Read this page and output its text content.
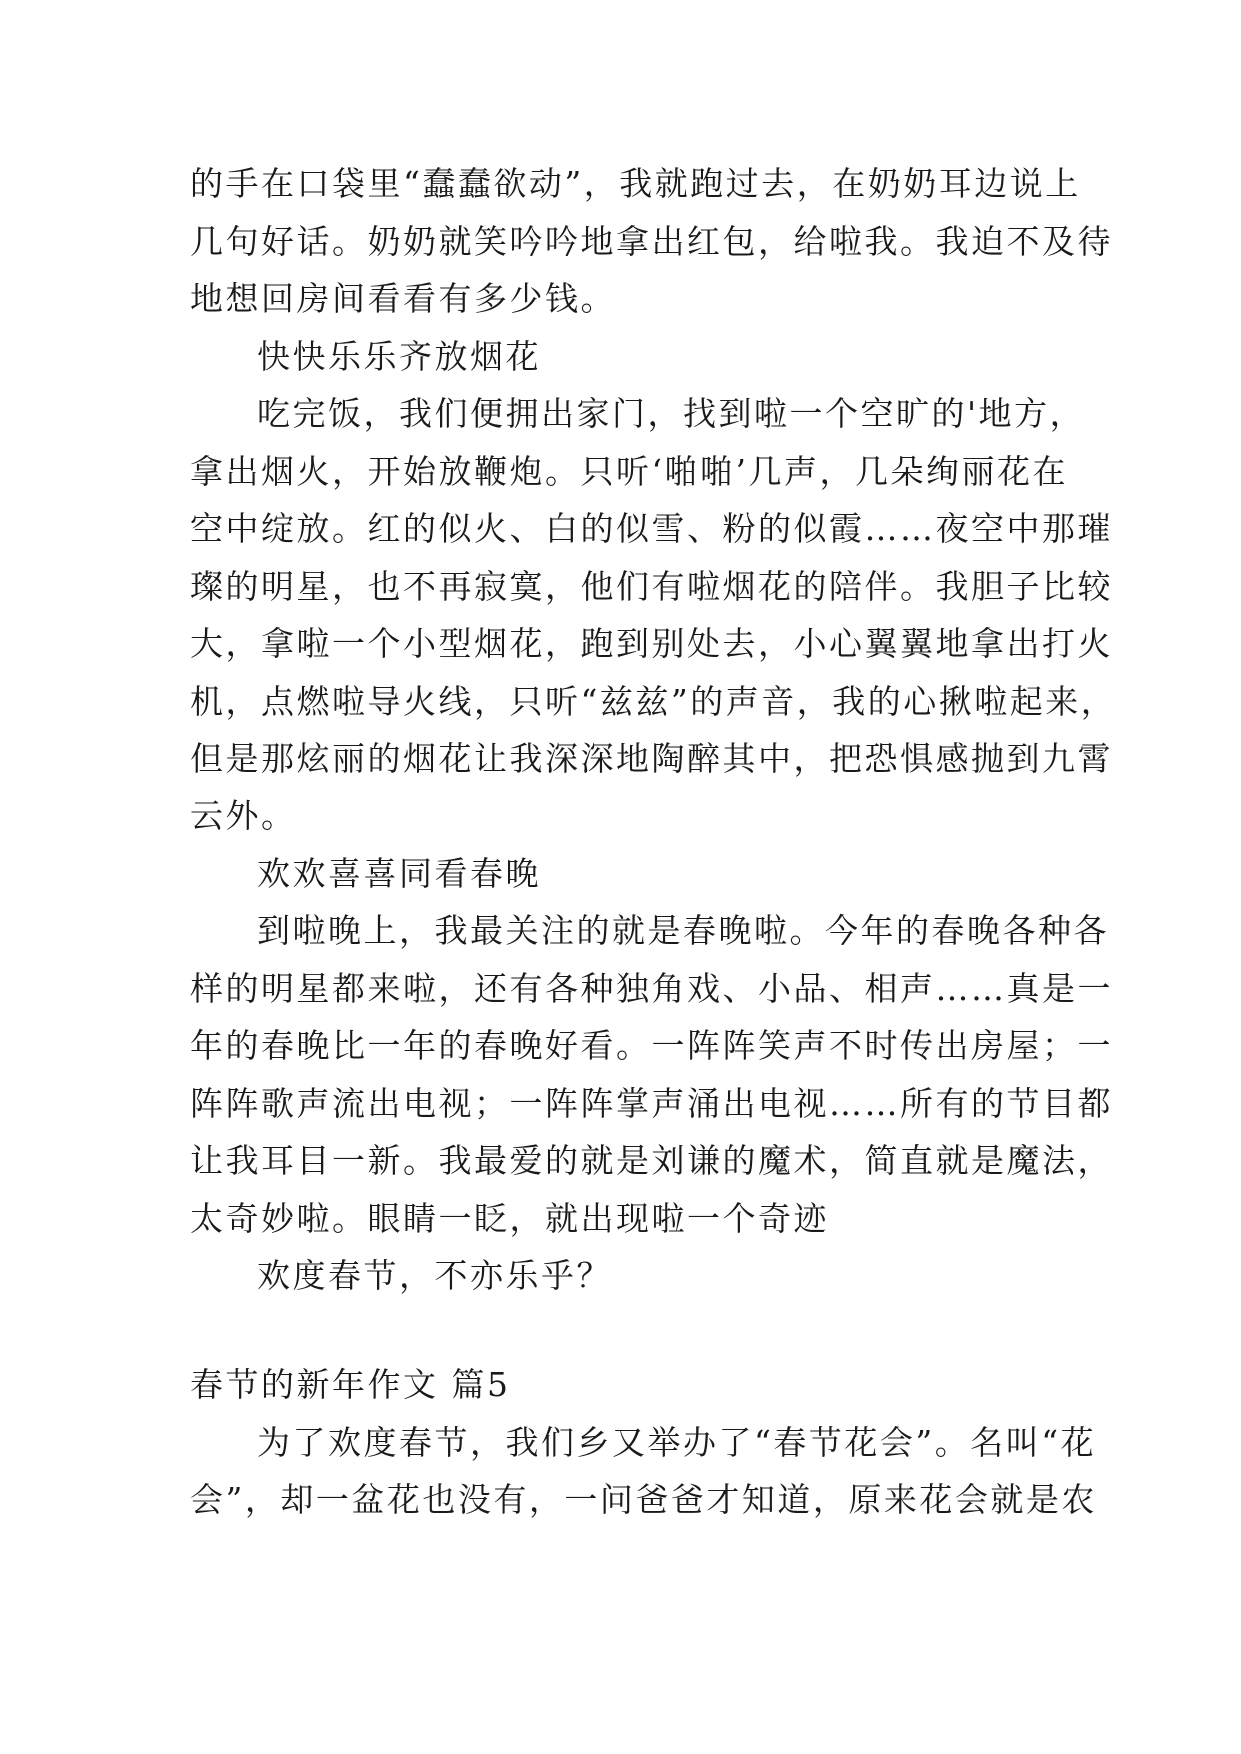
的手在口袋里“蠢蠢欲动”，我就跑过去，在奶奶耳边说上
几句好话。奶奶就笑吟吟地拿出红包，给啦我。我迫不及待
地想回房间看看有多少钱。
快快乐乐齐放烟花
吃完饭，我们便拥出家门，找到啦一个空旷的'地方，
拿出烟火，开始放鞭炮。只听‘啪啪’几声，几朵绚丽花在
空中绽放。红的似火、白的似雪、粉的似霞……夜空中那璀
璨的明星，也不再寂寞，他们有啦烟花的陪伴。我胆子比较
大，拿啦一个小型烟花，跑到别处去，小心翼翼地拿出打火
机，点燃啦导火线，只听“兹兹”的声音，我的心揪啦起来，
但是那炫丽的烟花让我深深地陶醉其中，把恐惧感抛到九霄
云外。
欢欢喜喜同看春晚
到啦晚上，我最关注的就是春晚啦。今年的春晚各种各
样的明星都来啦，还有各种独角戏、小品、相声……真是一
年的春晚比一年的春晚好看。一阵阵笑声不时传出房屋；一
阵阵歌声流出电视；一阵阵掌声涌出电视……所有的节目都
让我耳目一新。我最爱的就是刘谦的魔术，简直就是魔法，
太奇妙啦。眼睛一眨，就出现啦一个奇迹
欢度春节，不亦乐乎？
春节的新年作文 篇5
为了欢度春节，我们乡又举办了“春节花会”。名叫“花
会”，却一盆花也没有，一问爸爸才知道，原来花会就是农
